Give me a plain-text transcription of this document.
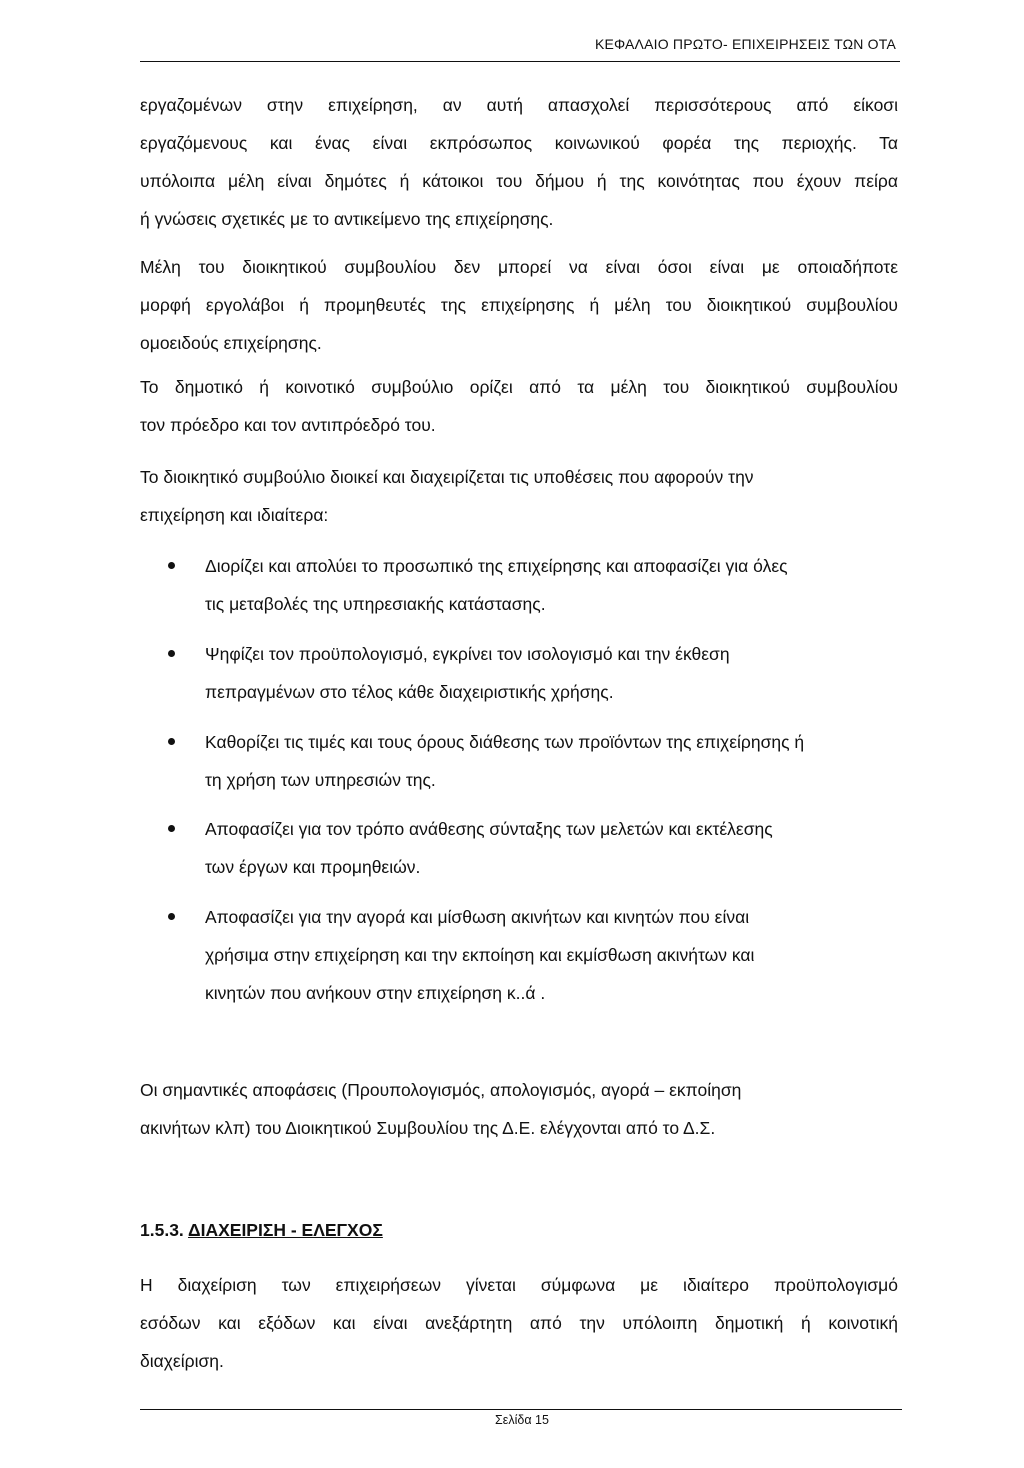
ΚΕΦΑΛΑΙΟ ΠΡΩΤΟ- ΕΠΙΧΕΙΡΗΣΕΙΣ ΤΩΝ ΟΤΑ
εργαζομένων στην επιχείρηση, αν αυτή απασχολεί περισσότερους από είκοσι
εργαζόμενους και ένας είναι εκπρόσωπος κοινωνικού φορέα της περιοχής. Τα
υπόλοιπα μέλη είναι δημότες ή κάτοικοι του δήμου ή της κοινότητας που έχουν πείρα
ή γνώσεις σχετικές με το αντικείμενο της επιχείρησης.
Μέλη του διοικητικού συμβουλίου δεν μπορεί να είναι όσοι είναι με οποιαδήποτε
μορφή εργολάβοι ή προμηθευτές της επιχείρησης ή μέλη του διοικητικού συμβουλίου
ομοειδούς επιχείρησης.
Το δημοτικό ή κοινοτικό συμβούλιο ορίζει από τα μέλη του διοικητικού συμβουλίου
τον πρόεδρο και τον αντιπρόεδρό του.
Το διοικητικό συμβούλιο διοικεί και διαχειρίζεται τις υποθέσεις που αφορούν την
επιχείρηση και ιδιαίτερα:
Διορίζει και απολύει το προσωπικό της επιχείρησης και αποφασίζει για όλες
τις μεταβολές της υπηρεσιακής κατάστασης.
Ψηφίζει τον προϋπολογισμό, εγκρίνει τον ισολογισμό και την έκθεση
πεπραγμένων στο τέλος κάθε διαχειριστικής χρήσης.
Καθορίζει τις τιμές και τους όρους διάθεσης των προϊόντων της επιχείρησης ή
τη χρήση των υπηρεσιών της.
Αποφασίζει για τον τρόπο ανάθεσης σύνταξης των μελετών και εκτέλεσης
των έργων και προμηθειών.
Αποφασίζει για την αγορά και μίσθωση ακινήτων και κινητών που είναι
χρήσιμα στην επιχείρηση και την εκποίηση και εκμίσθωση ακινήτων και
κινητών που ανήκουν στην επιχείρηση κ..ά .
Οι σημαντικές αποφάσεις (Προυπολογισμός, απολογισμός, αγορά – εκποίηση
ακινήτων κλπ) του Διοικητικού Συμβουλίου της Δ.Ε. ελέγχονται από το Δ.Σ.
1.5.3. ΔΙΑΧΕΙΡΙΣΗ - ΕΛΕΓΧΟΣ
Η διαχείριση των επιχειρήσεων γίνεται σύμφωνα με ιδιαίτερο προϋπολογισμό
εσόδων και εξόδων και είναι ανεξάρτητη από την υπόλοιπη δημοτική ή κοινοτική
διαχείριση.
Σελίδα 15
